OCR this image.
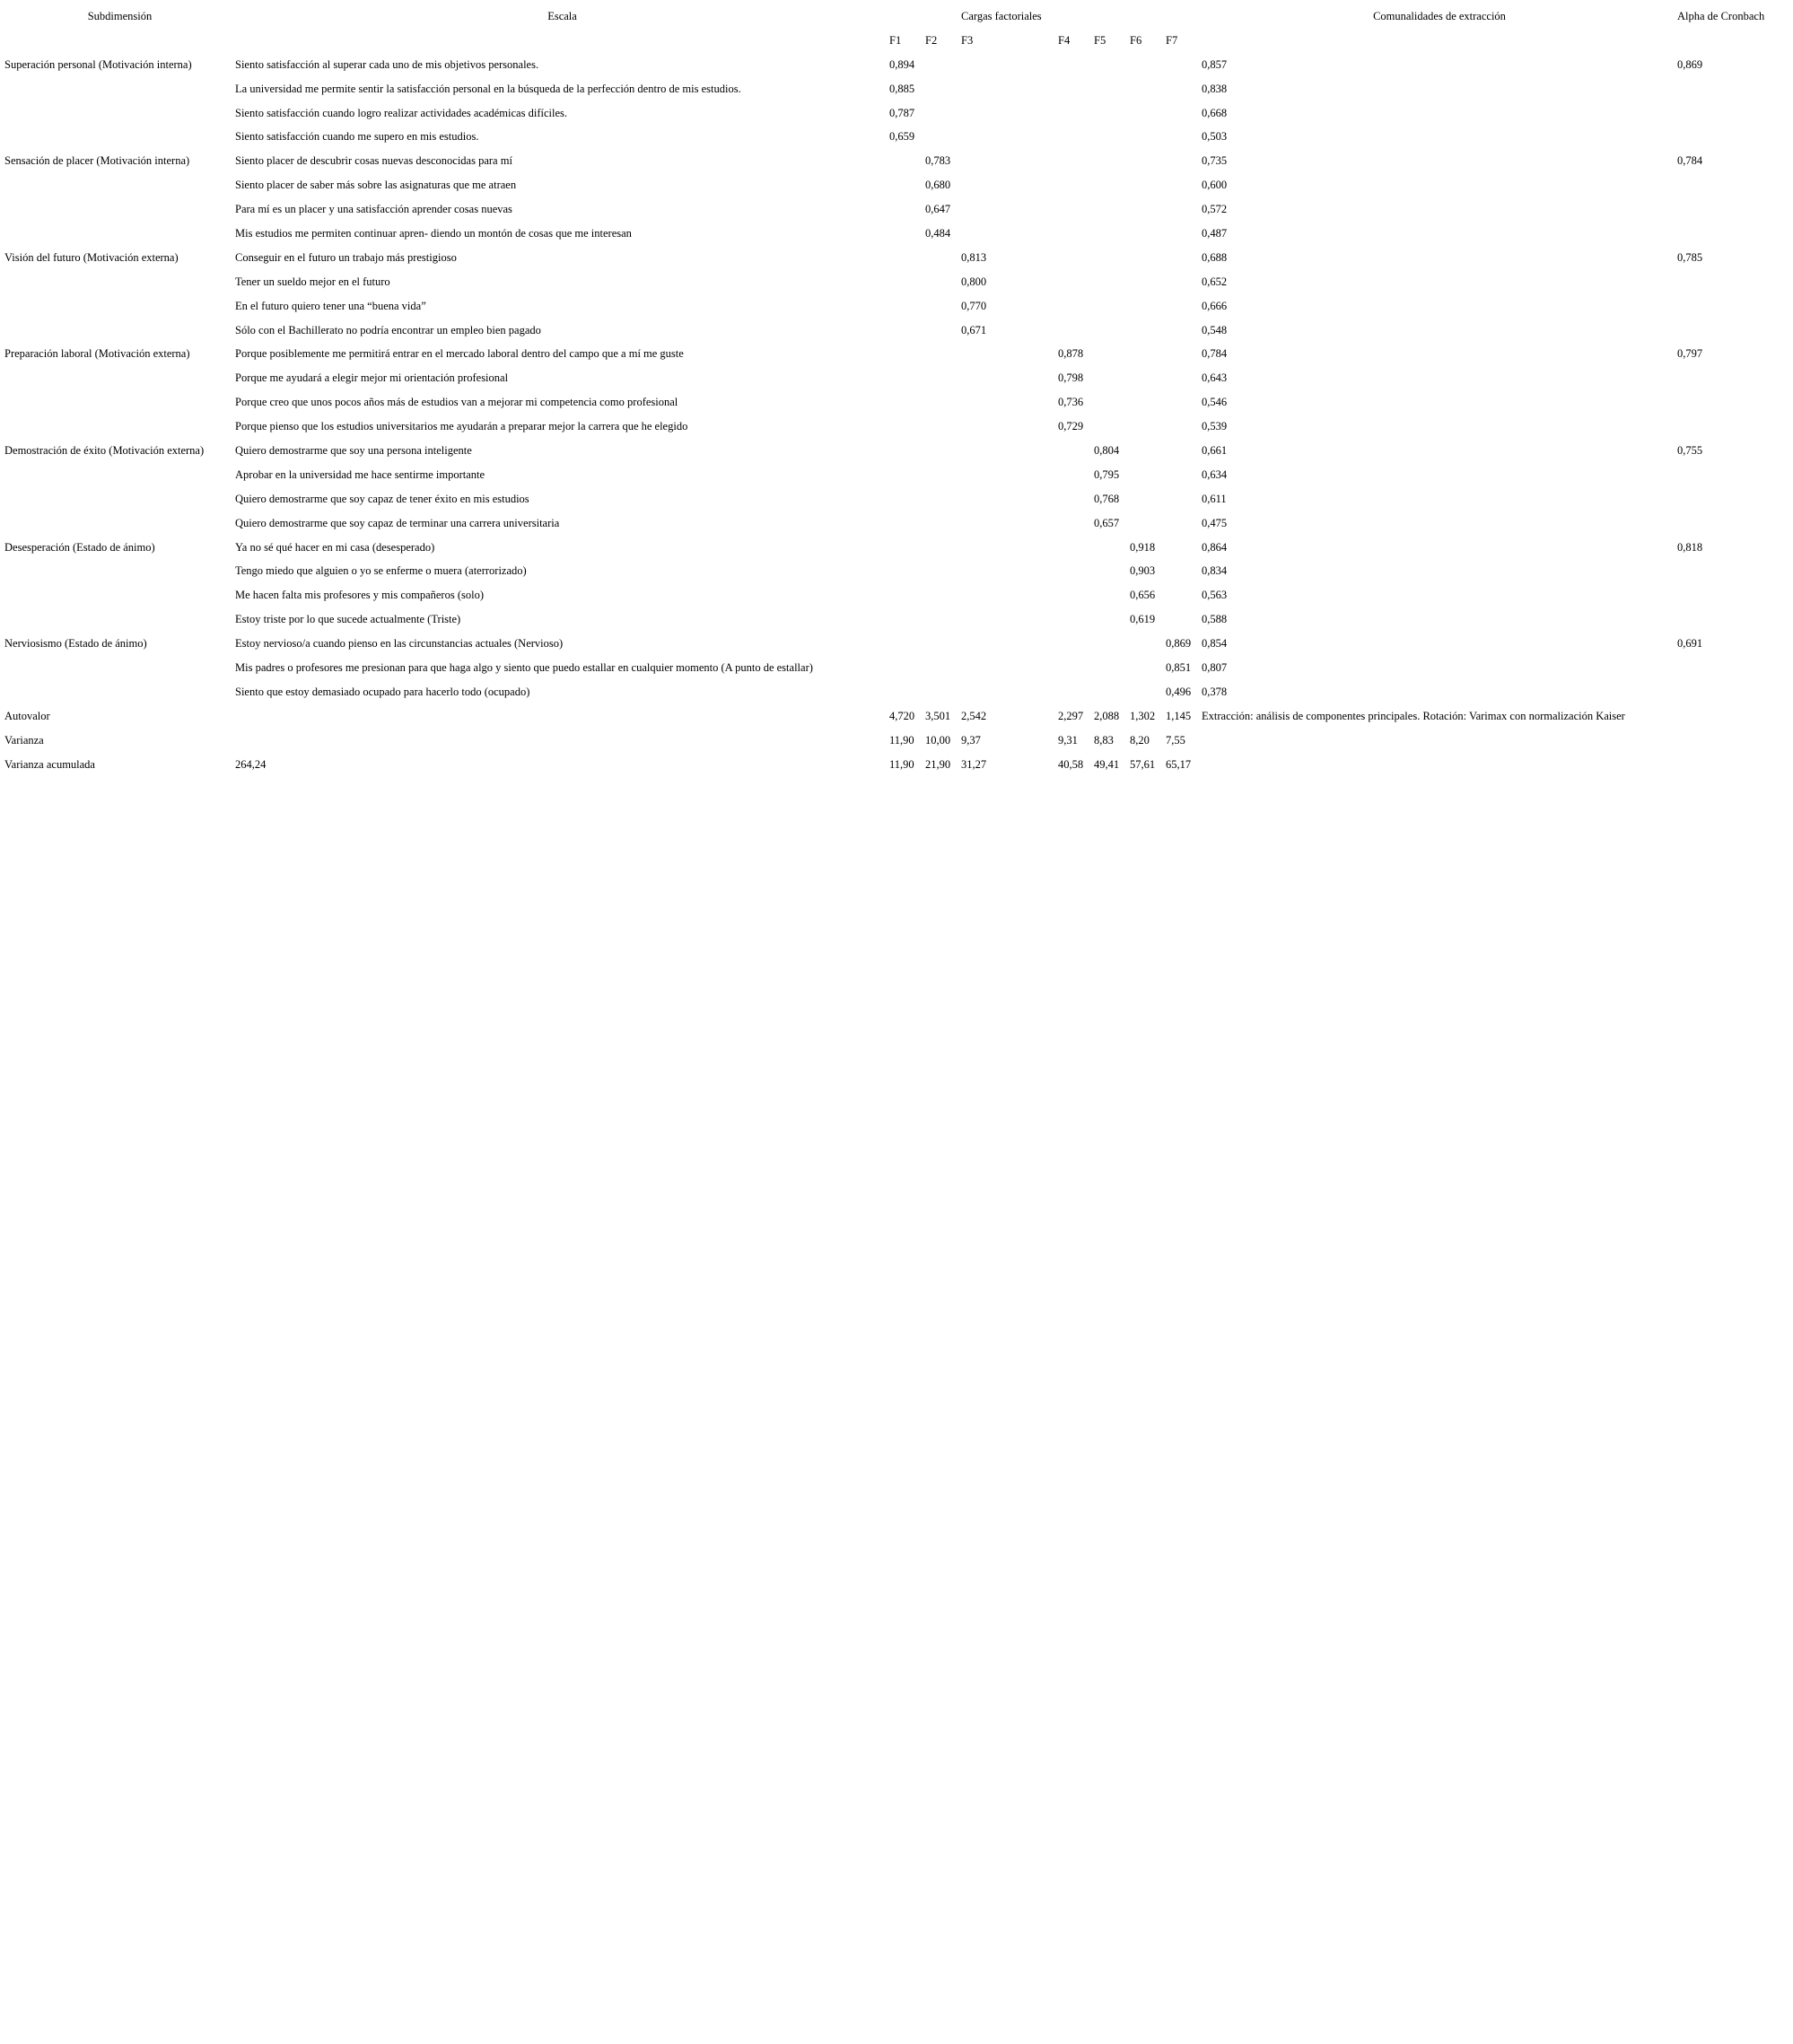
Subdimensión	Escala			Cargas factoriales					Comunalidades de extracción	Alpha de Cronbach
		F1	F2	F3	F4	F5	F6	F7		
Superación personal (Motivación interna)	Siento satisfacción al superar cada uno de mis objetivos personales.	0,894							0,857	0,869
	La universidad me permite sentir la satisfacción personal en la búsqueda de la perfección dentro de mis estudios.	0,885							0,838	
	Siento satisfacción cuando logro realizar actividades académicas difíciles.	0,787							0,668	
	Siento satisfacción cuando me supero en mis estudios.	0,659							0,503	
Sensación de placer (Motivación interna)	Siento placer de descubrir cosas nuevas desconocidas para mí		0,783						0,735	0,784
	Siento placer de saber más sobre las asignaturas que me atraen		0,680						0,600	
	Para mí es un placer y una satisfacción aprender cosas nuevas		0,647						0,572	
	Mis estudios me permiten continuar apren- diendo un montón de cosas que me interesan		0,484						0,487	
Visión del futuro (Motivación externa)	Conseguir en el futuro un trabajo más prestigioso			0,813					0,688	0,785
	Tener un sueldo mejor en el futuro			0,800					0,652	
	En el futuro quiero tener una “buena vida”			0,770					0,666	
	Sólo con el Bachillerato no podría encontrar un empleo bien pagado			0,671					0,548	
Preparación laboral (Motivación externa)	Porque posiblemente me permitirá entrar en el mercado laboral dentro del campo que a mí me guste				0,878				0,784	0,797
	Porque me ayudará a elegir mejor mi orientación profesional				0,798				0,643	
	Porque creo que unos pocos años más de estudios van a mejorar mi competencia como profesional				0,736				0,546	
	Porque pienso que los estudios universitarios me ayudarán a preparar mejor la carrera que he elegido				0,729				0,539	
Demostración de éxito (Motivación externa)	Quiero demostrarme que soy una persona inteligente					0,804			0,661	0,755
	Aprobar en la universidad me hace sentirme importante					0,795			0,634	
	Quiero demostrarme que soy capaz de tener éxito en mis estudios					0,768			0,611	
	Quiero demostrarme que soy capaz de terminar una carrera universitaria					0,657			0,475	
Desesperación (Estado de ánimo)	Ya no sé qué hacer en mi casa (desesperado)						0,918		0,864	0,818
	Tengo miedo que alguien o yo se enferme o muera (aterrorizado)						0,903		0,834	
	Me hacen falta mis profesores y mis compañeros (solo)						0,656		0,563	
	Estoy triste por lo que sucede actualmente (Triste)						0,619		0,588	
Nerviosismo (Estado de ánimo)	Estoy nervioso/a cuando pienso en las circunstancias actuales (Nervioso)							0,869	0,854	0,691
	Mis padres o profesores me presionan para que haga algo y siento que puedo estallar en cualquier momento (A punto de estallar)							0,851	0,807	
	Siento que estoy demasiado ocupado para hacerlo todo (ocupado)							0,496	0,378	
Autovalor		4,720	3,501	2,542	2,297	2,088	1,302	1,145	Extracción: análisis de componentes principales. Rotación: Varimax con normalización Kaiser	
Varianza		11,90	10,00	9,37	9,31	8,83	8,20	7,55		
Varianza acumulada	264,24	11,90	21,90	31,27	40,58	49,41	57,61	65,17		
